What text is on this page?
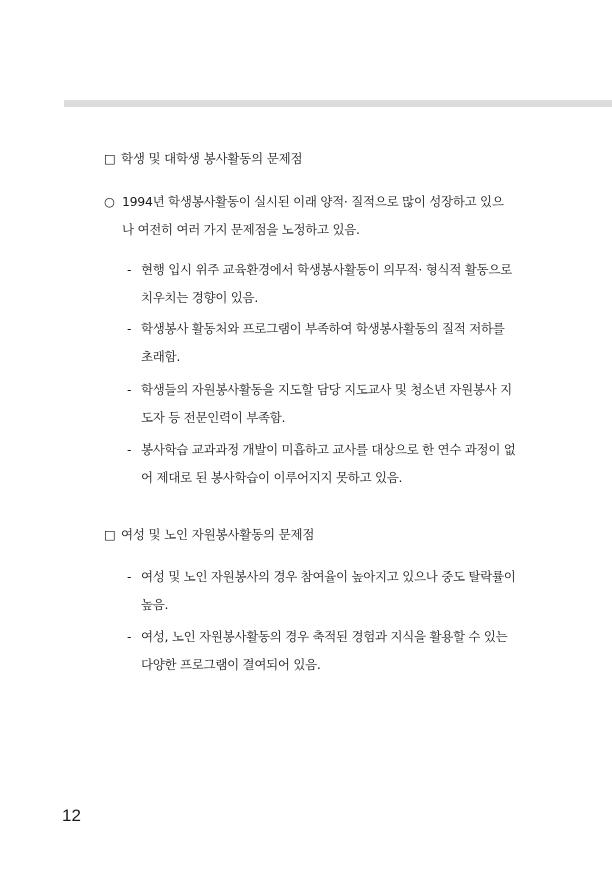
□ 학생 및 대학생 봉사활동의 문제점
○ 1994년 학생봉사활동이 실시된 이래 양적· 질적으로 많이 성장하고 있으나 여전히 여러 가지 문제점을 노정하고 있음.
- 현행 입시 위주 교육환경에서 학생봉사활동이 의무적· 형식적 활동으로 치우치는 경향이 있음.
- 학생봉사 활동처와 프로그램이 부족하여 학생봉사활동의 질적 저하를 초래함.
- 학생들의 자원봉사활동을 지도할 담당 지도교사 및 청소년 자원봉사 지도자 등 전문인력이 부족함.
- 봉사학습 교과과정 개발이 미흡하고 교사를 대상으로 한 연수 과정이 없어 제대로 된 봉사학습이 이루어지지 못하고 있음.
□ 여성 및 노인 자원봉사활동의 문제점
- 여성 및 노인 자원봉사의 경우 참여율이 높아지고 있으나 중도 탈락률이 높음.
- 여성, 노인 자원봉사활동의 경우 축적된 경험과 지식을 활용할 수 있는 다양한 프로그램이 결여되어 있음.
12
